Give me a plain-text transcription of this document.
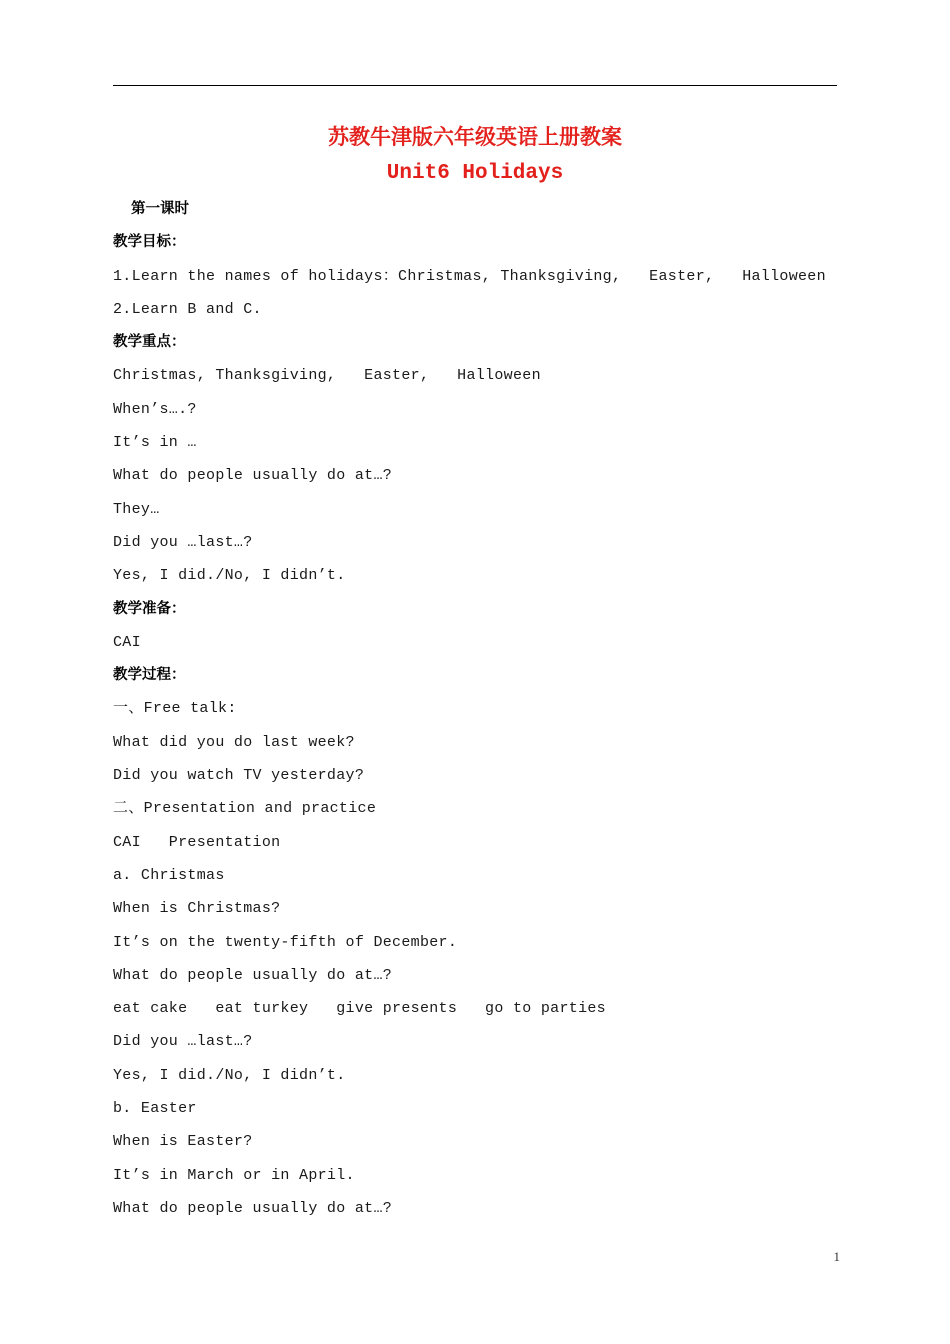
苏教牛津版六年级英语上册教案
Unit6 Holidays
第一课时
教学目标：
1.Learn the names of holidays：Christmas, Thanksgiving,   Easter,   Halloween
2.Learn B and C.
教学重点：
Christmas, Thanksgiving,   Easter,   Halloween
When’s….?
It’s in …
What do people usually do at…?
They…
Did you …last…?
Yes, I did./No, I didn’t.
教学准备：
CAI
教学过程：
一、Free talk:
What did you do last week?
Did you watch TV yesterday?
二、Presentation and practice
CAI   Presentation
a. Christmas
When is Christmas?
It’s on the twenty-fifth of December.
What do people usually do at…?
eat cake   eat turkey   give presents   go to parties
Did you …last…?
Yes, I did./No, I didn’t.
b. Easter
When is Easter?
It’s in March or in April.
What do people usually do at…?
1
